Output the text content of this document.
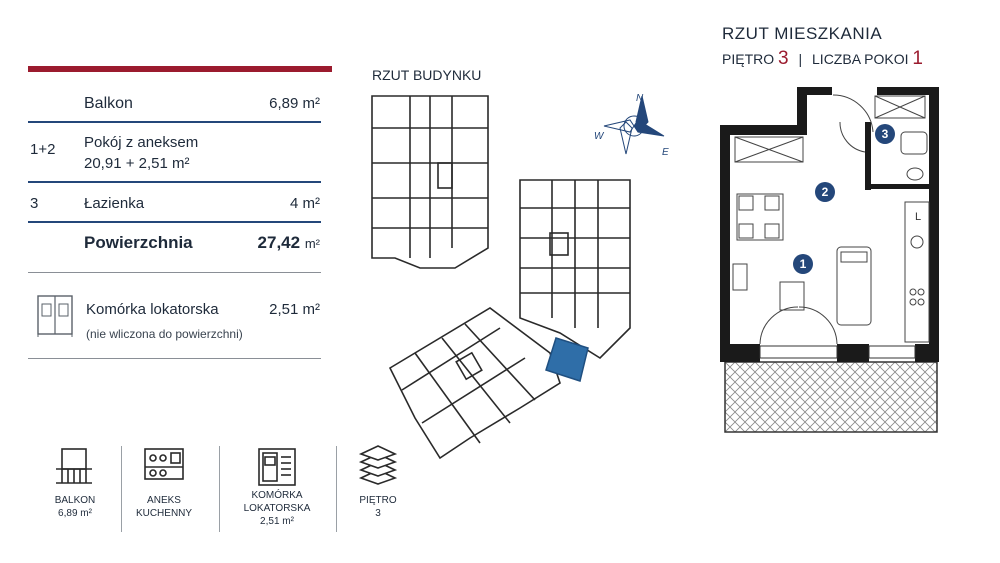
Balkon	6,89 m²
1+2 Pokój z aneksem
20,91 + 2,51 m²
3	Łazienka	4 m²
Powierzchnia	27,42 m²
Komórka lokatorska	2,51 m²
(nie wliczona do powierzchni)
RZUT BUDYNKU
N
W
E
RZUT MIESZKANIA
PIĘTRO 3 | LICZBA POKOI 1
3
2
1
L
BALKON
6,89 m²
ANEKS
KUCHENNY
KOMÓRKA
LOKATORSKA
2,51 m²
PIĘTRO
3
